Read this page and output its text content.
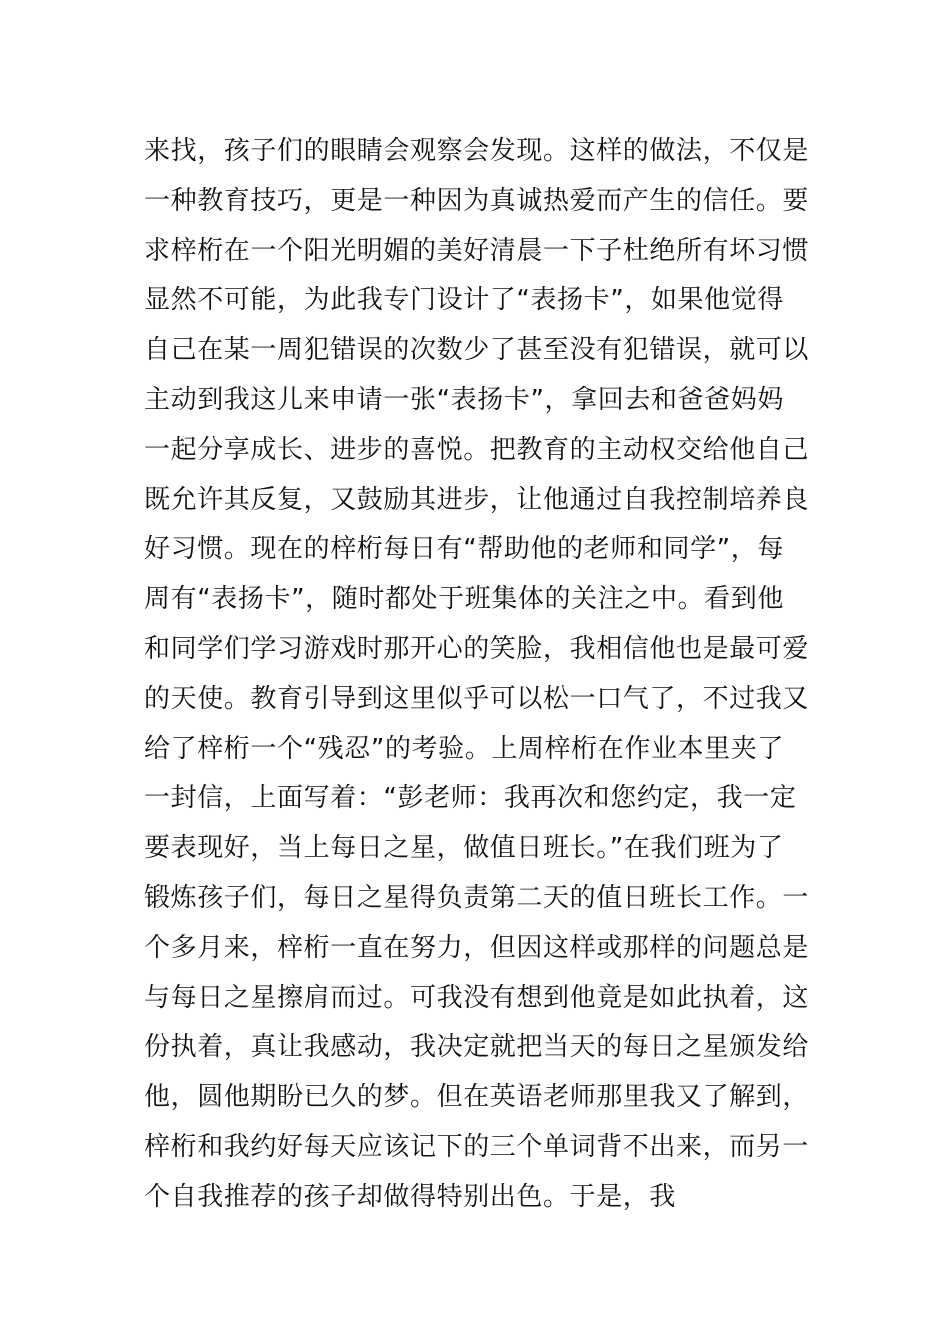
来找，孩子们的眼睛会观察会发现。这样的做法，不仅是
一种教育技巧，更是一种因为真诚热爱而产生的信任。要
求梓桁在一个阳光明媚的美好清晨一下子杜绝所有坏习惯
显然不可能，为此我专门设计了“表扬卡”，如果他觉得
自己在某一周犯错误的次数少了甚至没有犯错误，就可以
主动到我这儿来申请一张“表扬卡”，拿回去和爸爸妈妈
一起分享成长、进步的喜悦。把教育的主动权交给他自己
既允许其反复，又鼓励其进步，让他通过自我控制培养良
好习惯。现在的梓桁每日有“帮助他的老师和同学”，每
周有“表扬卡”，随时都处于班集体的关注之中。看到他
和同学们学习游戏时那开心的笑脸，我相信他也是最可爱
的天使。教育引导到这里似乎可以松一口气了，不过我又
给了梓桁一个“残忍”的考验。上周梓桁在作业本里夹了
一封信，上面写着：“彭老师：我再次和您约定，我一定
要表现好，当上每日之星，做值日班长。”在我们班为了
锻炼孩子们，每日之星得负责第二天的值日班长工作。一
个多月来，梓桁一直在努力，但因这样或那样的问题总是
与每日之星擦肩而过。可我没有想到他竟是如此执着，这
份执着，真让我感动，我决定就把当天的每日之星颁发给
他，圆他期盼已久的梦。但在英语老师那里我又了解到，
梓桁和我约好每天应该记下的三个单词背不出来，而另一
个自我推荐的孩子却做得特别出色。于是，我
